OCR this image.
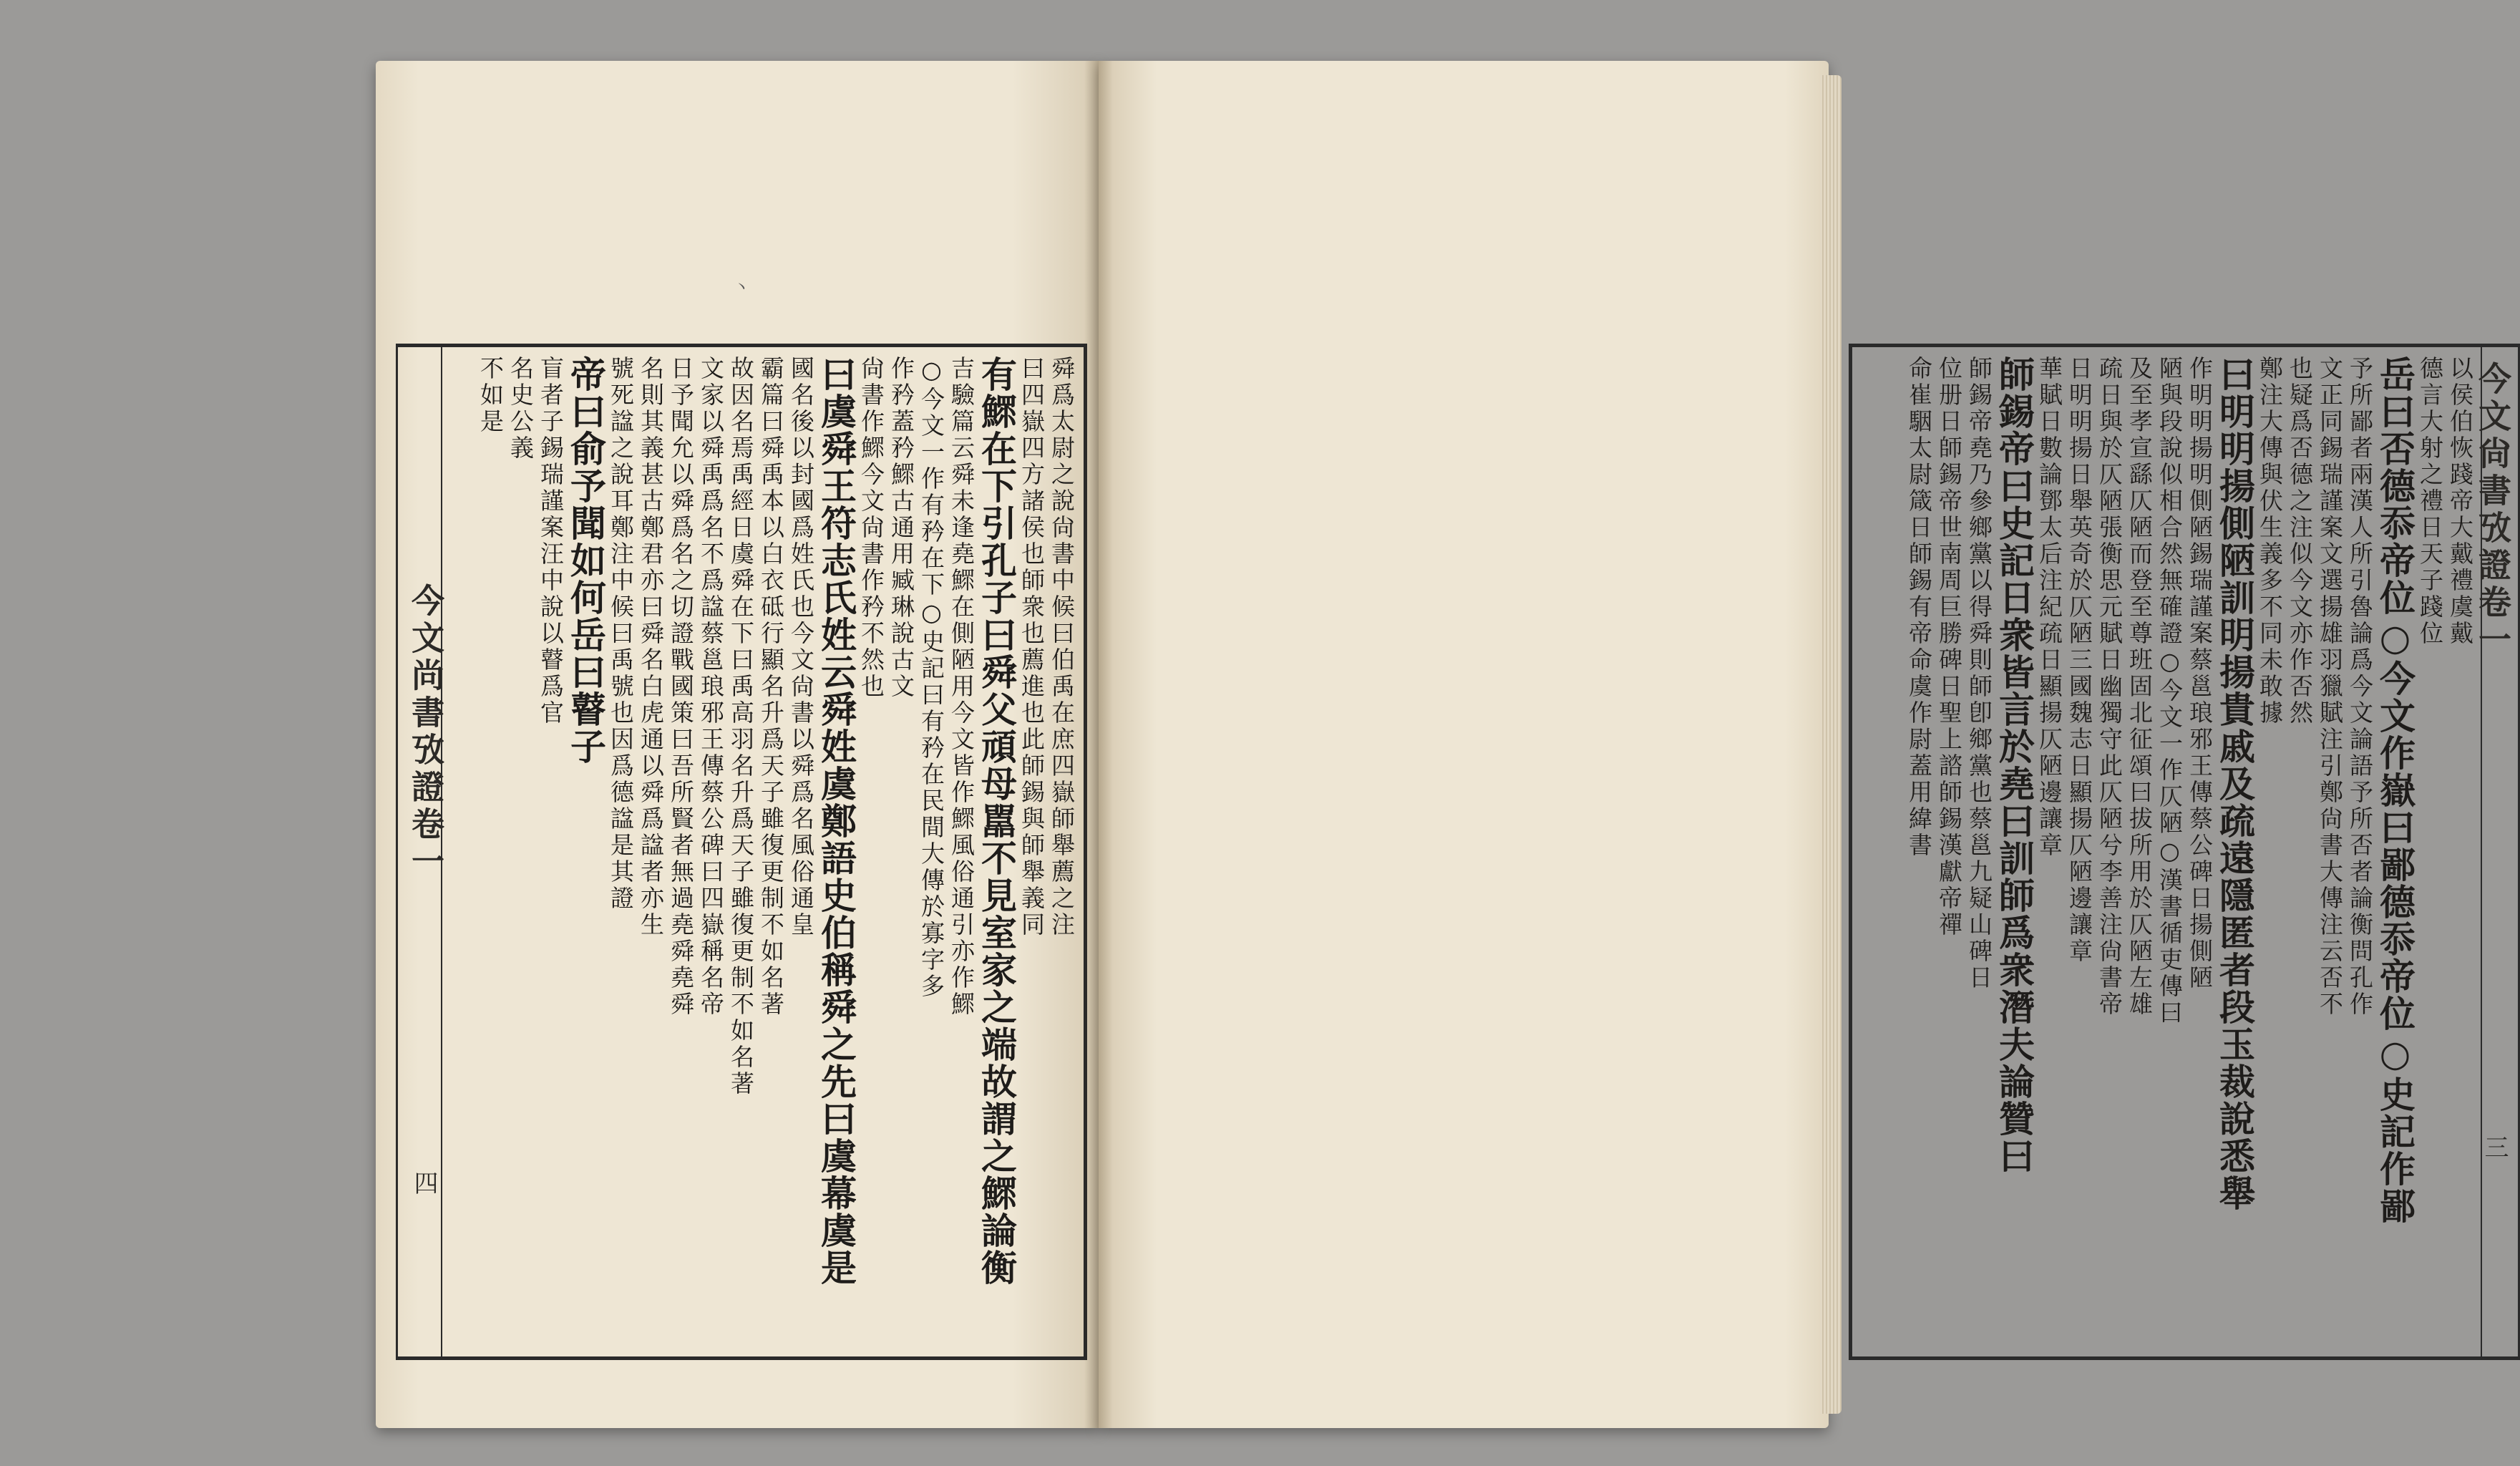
丶
舜爲太尉之說尙書中候曰伯禹在庶四嶽師舉薦之注
曰四嶽四方諸侯也師衆也薦進也此師錫與師舉義同
有鰥在下引孔子曰舜父頑母嚚不見室家之端故謂之鰥論衡
吉驗篇云舜未逢堯鰥在側陋用今文皆作鰥風俗通引亦作鰥
○今文一作有矜在下○史記曰有矜在民間大傳於寡字多
作矜蓋矜鰥古通用臧琳說古文
尙書作鰥今文尙書作矜不然也
曰虞舜王符志氏姓云舜姓虞鄭語史伯稱舜之先曰虞幕虞是
國名後以封國爲姓氏也今文尙書以舜爲名風俗通皇
霸篇曰舜禹本以白衣砥行顯名升爲天子雖復更制不如名著
故因名焉禹經日虞舜在下曰禹高羽名升爲天子雖復更制不如名著
文家以舜禹爲名不爲諡蔡邕琅邪王傳蔡公碑曰四嶽稱名帝
日予聞允以舜爲名之切證戰國策曰吾所賢者無過堯舜堯舜
名則其義甚古鄭君亦曰舜名白虎通以舜爲諡者亦生
號死諡之說耳鄭注中候曰禹號也因爲德諡是其證
帝曰俞予聞如何岳曰瞽子
盲者子錫瑞謹案汪中說以瞽爲官
名史公義
不如是
今文尚書攷證卷一
四
以侯伯恢踐帝大戴禮虞戴
德言大射之禮日天子踐位
岳曰否德忝帝位○今文作嶽曰鄙德忝帝位○史記作鄙
予所鄙者兩漢人所引魯論爲今文論語予所否者論衡問孔作
文正同錫瑞謹案文選揚雄羽獵賦注引鄭尙書大傳注云否不
也疑爲否德之注似今文亦作否然
鄭注大傳與伏生義多不同未敢據
曰明明揚側陋訓明揚貴戚及疏遠隱匿者段玉裁說悉舉
作明明揚明側陋錫瑞謹案蔡邕琅邪王傳蔡公碑日揚側陋
陋與段說似相合然無確證○今文一作仄陋○漢書循吏傳曰
及至孝宣繇仄陋而登至尊班固北征頌曰拔所用於仄陋左雄
疏日與於仄陋張衡思元賦日幽獨守此仄陋兮李善注尙書帝
日明明揚日舉英奇於仄陋三國魏志日顯揚仄陋邊讓章
華賦日數論鄧太后注紀疏日顯揚仄陋邊讓章
師錫帝曰史記日衆皆言於堯曰訓師爲衆潛夫論贊曰
師錫帝堯乃參鄉黨以得舜則師卽鄉黨也蔡邕九疑山碑日
位册日師錫帝世南周巨勝碑日聖上諮師錫漢獻帝禪
命崔駰太尉箴日師錫有帝命虞作尉蓋用緯書	今文尙書攷證卷一
三
